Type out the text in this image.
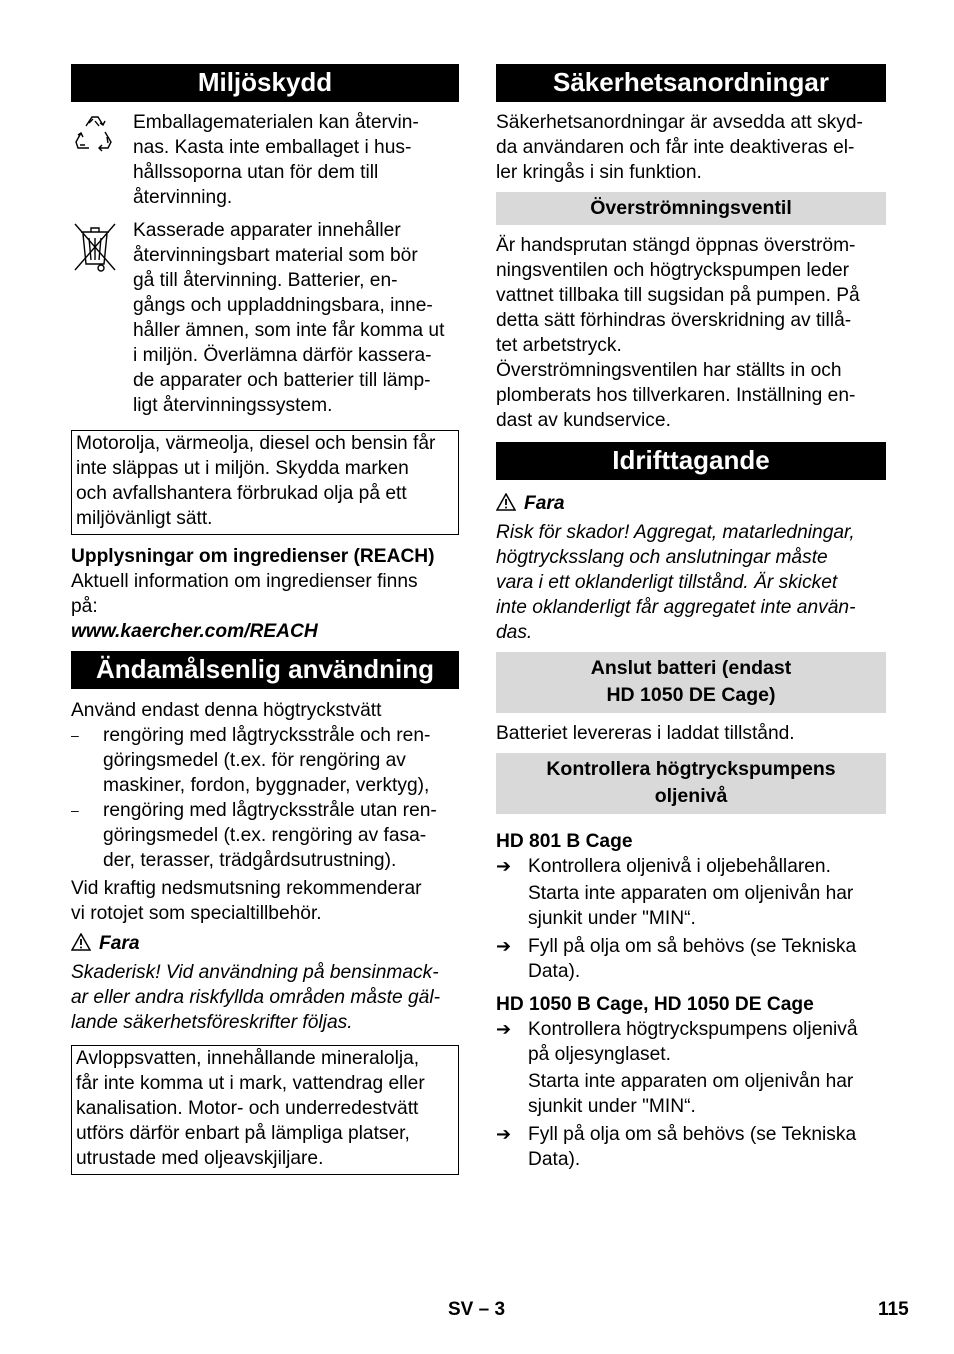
Miljöskydd

Emballagematerialen kan återvin-
nas. Kasta inte emballaget i hus-
hållssoporna utan för dem till
återvinning.

Kasserade apparater innehåller
återvinningsbart material som bör
gå till återvinning. Batterier, en-
gångs och uppladdningsbara, inne-
håller ämnen, som inte får komma ut
i miljön. Överlämna därför kassera-
de apparater och batterier till lämp-
ligt återvinningssystem.

Motorolja, värmeolja, diesel och bensin får
inte släppas ut i miljön. Skydda marken
och avfallshantera förbrukad olja på ett
miljövänligt sätt.

Upplysningar om ingredienser (REACH)

Aktuell information om ingredienser finns
på:

www.kaercher.com/REACH

Ändamålsenlig användning

Använd endast denna högtryckstvätt

–	rengöring med lågtrycksstråle och ren-
göringsmedel (t.ex. för rengöring av
maskiner, fordon, byggnader, verktyg),
–	rengöring med lågtrycksstråle utan ren-
göringsmedel (t.ex. rengöring av fasa-
der, terasser, trädgårdsutrustning).

Vid kraftig nedsmutsning rekommenderar
vi rotojet som specialtillbehör.

Fara

Skaderisk! Vid användning på bensinmack-
ar eller andra riskfyllda områden måste gäl-
lande säkerhetsföreskrifter följas.

Avloppsvatten, innehållande mineralolja,
får inte komma ut i mark, vattendrag eller
kanalisation. Motor- och underredestvätt
utförs därför enbart på lämpliga platser,
utrustade med oljeavskjiljare.

Säkerhetsanordningar

Säkerhetsanordningar är avsedda att skyd-
da användaren och får inte deaktiveras el-
ler kringås i sin funktion.

Överströmningsventil

Är handsprutan stängd öppnas överström-
ningsventilen och högtryckspumpen leder
vattnet tillbaka till sugsidan på pumpen. På
detta sätt förhindras överskridning av tillå-
tet arbetstryck.
Överströmningsventilen har ställts in och
plomberats hos tillverkaren. Inställning en-
dast av kundservice.

Idrifttagande

Fara

Risk för skador! Aggregat, matarledningar,
högtrycksslang och anslutningar måste
vara i ett oklanderligt tillstånd. Är skicket
inte oklanderligt får aggregatet inte använ-
das.

Anslut batteri (endast
HD 1050 DE Cage)

Batteriet levereras i laddat tillstånd.

Kontrollera högtryckspumpens
oljenivå

HD 801 B Cage

➔ Kontrollera oljenivå i oljebehållaren.

Starta inte apparaten om oljenivån har
sjunkit under "MIN“.

➔ Fyll på olja om så behövs (se Tekniska
Data).

HD 1050 B Cage, HD 1050 DE Cage

➔ Kontrollera högtryckspumpens oljenivå
på oljesynglaset.

Starta inte apparaten om oljenivån har
sjunkit under "MIN“.

➔ Fyll på olja om så behövs (se Tekniska
Data).
SV – 3	115
